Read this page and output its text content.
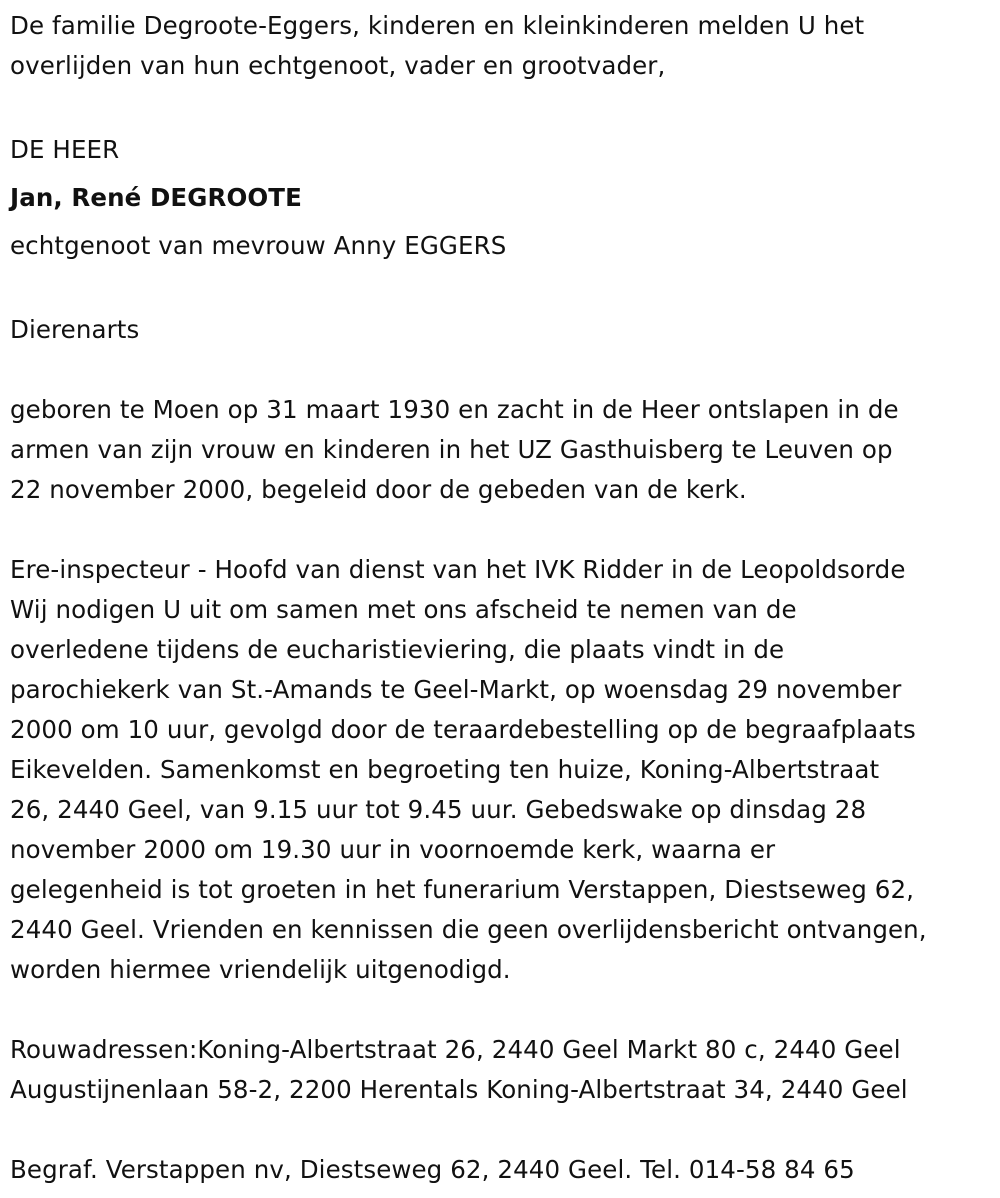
De familie Degroote-Eggers, kinderen en kleinkinderen melden U het
overlijden van hun echtgenoot, vader en grootvader,

DE HEER

Jan, René DEGROOTE

echtgenoot van mevrouw Anny EGGERS

Dierenarts

geboren te Moen op 31 maart 1930 en zacht in de Heer ontslapen in de
armen van zijn vrouw en kinderen in het UZ Gasthuisberg te Leuven op
22 november 2000, begeleid door de gebeden van de kerk.

Ere-inspecteur - Hoofd van dienst van het IVK Ridder in de Leopoldsorde
Wij nodigen U uit om samen met ons afscheid te nemen van de
overledene tijdens de eucharistieviering, die plaats vindt in de
parochiekerk van St.-Amands te Geel-Markt, op woensdag 29 november
2000 om 10 uur, gevolgd door de teraardebestelling op de begraafplaats
Eikevelden. Samenkomst en begroeting ten huize, Koning-Albertstraat
26, 2440 Geel, van 9.15 uur tot 9.45 uur. Gebedswake op dinsdag 28
november 2000 om 19.30 uur in voornoemde kerk, waarna er
gelegenheid is tot groeten in het funerarium Verstappen, Diestseweg 62,
2440 Geel. Vrienden en kennissen die geen overlijdensbericht ontvangen,
worden hiermee vriendelijk uitgenodigd.

Rouwadressen:Koning-Albertstraat 26, 2440 Geel Markt 80 c, 2440 Geel
Augustijnenlaan 58-2, 2200 Herentals Koning-Albertstraat 34, 2440 Geel

Begraf. Verstappen nv, Diestseweg 62, 2440 Geel. Tel. 014-58 84 65
